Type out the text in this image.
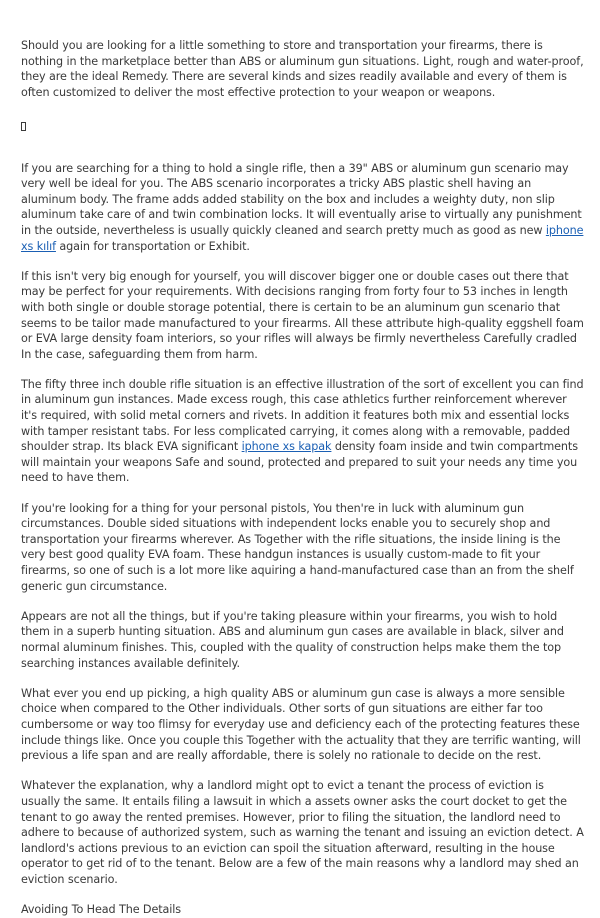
Should you are looking for a little something to store and transportation your firearms, there is nothing in the marketplace better than ABS or aluminum gun situations. Light, rough and water-proof, they are the ideal Remedy. There are several kinds and sizes readily available and every of them is often customized to deliver the most effective protection to your weapon or weapons.

If you are searching for a thing to hold a single rifle, then a 39" ABS or aluminum gun scenario may very well be ideal for you. The ABS scenario incorporates a tricky ABS plastic shell having an aluminum body. The frame adds added stability on the box and includes a weighty duty, non slip aluminum take care of and twin combination locks. It will eventually arise to virtually any punishment in the outside, nevertheless is usually quickly cleaned and search pretty much as good as new iphone xs kılıf again for transportation or Exhibit.

If this isn't very big enough for yourself, you will discover bigger one or double cases out there that may be perfect for your requirements. With decisions ranging from forty four to 53 inches in length with both single or double storage potential, there is certain to be an aluminum gun scenario that seems to be tailor made manufactured to your firearms. All these attribute high-quality eggshell foam or EVA large density foam interiors, so your rifles will always be firmly nevertheless Carefully cradled In the case, safeguarding them from harm.

The fifty three inch double rifle situation is an effective illustration of the sort of excellent you can find in aluminum gun instances. Made excess rough, this case athletics further reinforcement wherever it's required, with solid metal corners and rivets. In addition it features both mix and essential locks with tamper resistant tabs. For less complicated carrying, it comes along with a removable, padded shoulder strap. Its black EVA significant iphone xs kapak density foam inside and twin compartments will maintain your weapons Safe and sound, protected and prepared to suit your needs any time you need to have them.

If you're looking for a thing for your personal pistols, You then're in luck with aluminum gun circumstances. Double sided situations with independent locks enable you to securely shop and transportation your firearms wherever. As Together with the rifle situations, the inside lining is the very best good quality EVA foam. These handgun instances is usually custom-made to fit your firearms, so one of such is a lot more like aquiring a hand-manufactured case than an from the shelf generic gun circumstance.

Appears are not all the things, but if you're taking pleasure within your firearms, you wish to hold them in a superb hunting situation. ABS and aluminum gun cases are available in black, silver and normal aluminum finishes. This, coupled with the quality of construction helps make them the top searching instances available definitely.

What ever you end up picking, a high quality ABS or aluminum gun case is always a more sensible choice when compared to the Other individuals. Other sorts of gun situations are either far too cumbersome or way too flimsy for everyday use and deficiency each of the protecting features these include things like. Once you couple this Together with the actuality that they are terrific wanting, will previous a life span and are really affordable, there is solely no rationale to decide on the rest.

Whatever the explanation, why a landlord might opt to evict a tenant the process of eviction is usually the same. It entails filing a lawsuit in which a assets owner asks the court docket to get the tenant to go away the rented premises. However, prior to filing the situation, the landlord need to adhere to because of authorized system, such as warning the tenant and issuing an eviction detect. A landlord's actions previous to an eviction can spoil the situation afterward, resulting in the house operator to get rid of to the tenant. Below are a few of the main reasons why a landlord may shed an eviction scenario.

Avoiding To Head The Details
